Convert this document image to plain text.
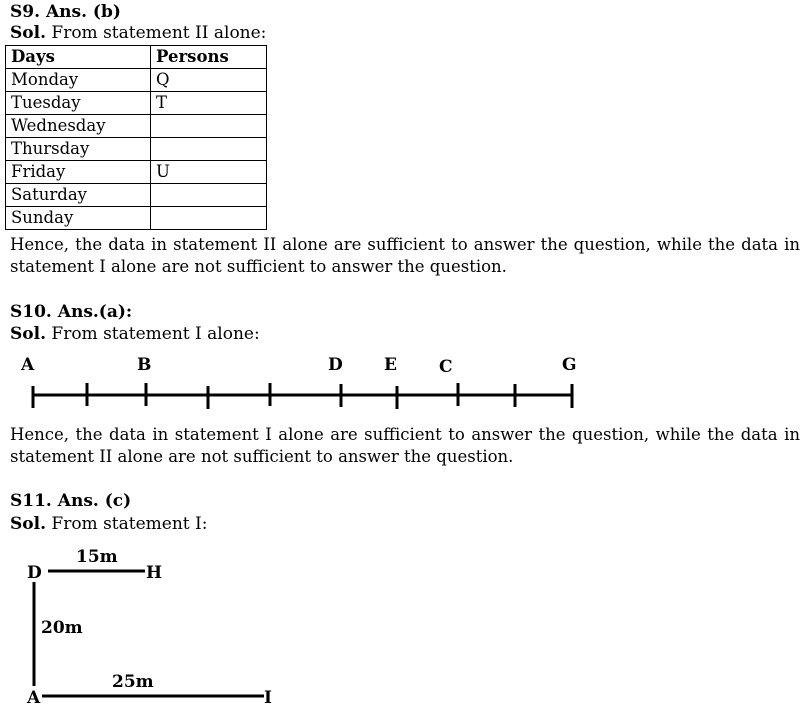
S9. Ans. (b)
Sol. From statement II alone:
Days	Persons
Monday	Q
Tuesday	T
Wednesday	
Thursday	
Friday	U
Saturday	
Sunday	
Hence, the data in statement II alone are sufficient to answer the question, while the data in statement I alone are not sufficient to answer the question.
S10. Ans.(a):
Sol. From statement I alone:
A	B	D E C	G
Hence, the data in statement I alone are sufficient to answer the question, while the data in statement II alone are not sufficient to answer the question.
S11. Ans. (c)
Sol. From statement I:
15m
D	H
20m
25m
A	I
